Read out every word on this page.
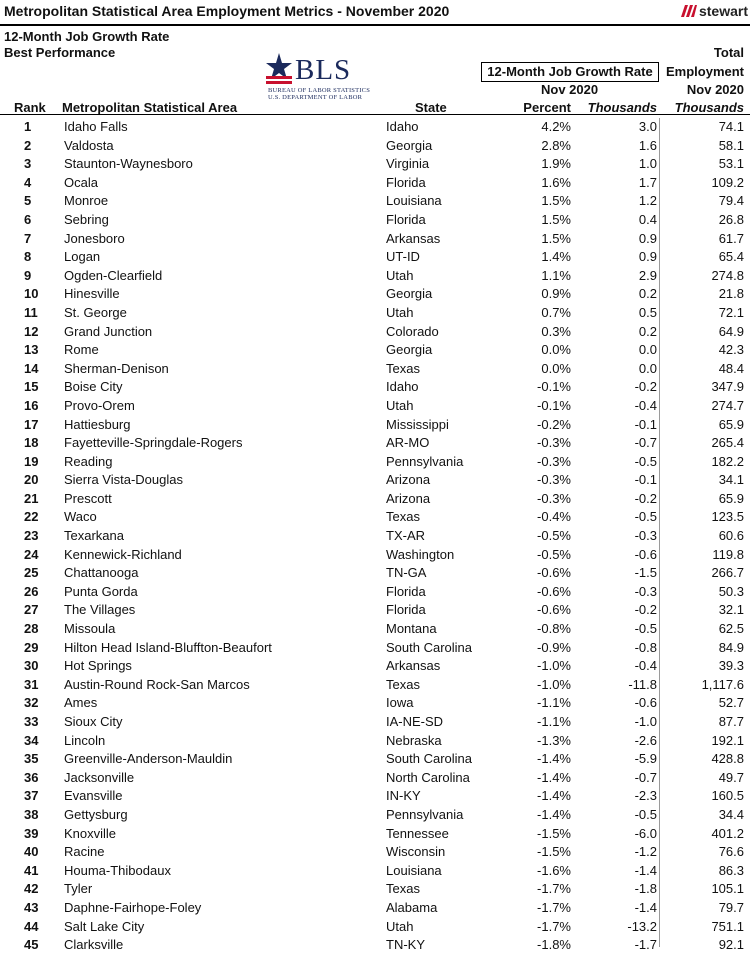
Metropolitan Statistical Area Employment Metrics - November 2020	stewart
12-Month Job Growth Rate
Best Performance
BLS
BUREAU OF LABOR STATISTICS
U.S. DEPARTMENT OF LABOR
Total
Employment
Nov 2020
Thousands
12-Month Job Growth Rate
Nov 2020
Rank Metropolitan Statistical Area	State	Percent Thousands
1	Idaho Falls	Idaho	4.2%	3.0	74.1
2	Valdosta	Georgia	2.8%	1.6	58.1
3	Staunton-Waynesboro	Virginia	1.9%	1.0	53.1
4	Ocala	Florida	1.6%	1.7	109.2
5	Monroe	Louisiana	1.5%	1.2	79.4
6	Sebring	Florida	1.5%	0.4	26.8
7	Jonesboro	Arkansas	1.5%	0.9	61.7
8	Logan	UT-ID	1.4%	0.9	65.4
9	Ogden-Clearfield	Utah	1.1%	2.9	274.8
10 Hinesville	Georgia	0.9%	0.2	21.8
11 St. George	Utah	0.7%	0.5	72.1
12 Grand Junction	Colorado	0.3%	0.2	64.9
13 Rome	Georgia	0.0%	0.0	42.3
14 Sherman-Denison	Texas	0.0%	0.0	48.4
15 Boise City	Idaho	-0.1%	-0.2	347.9
16 Provo-Orem	Utah	-0.1%	-0.4	274.7
17 Hattiesburg	Mississippi	-0.2%	-0.1	65.9
18 Fayetteville-Springdale-Rogers	AR-MO	-0.3%	-0.7	265.4
19 Reading	Pennsylvania	-0.3%	-0.5	182.2
20 Sierra Vista-Douglas	Arizona	-0.3%	-0.1	34.1
21 Prescott	Arizona	-0.3%	-0.2	65.9
22 Waco	Texas	-0.4%	-0.5	123.5
23 Texarkana	TX-AR	-0.5%	-0.3	60.6
24 Kennewick-Richland	Washington	-0.5%	-0.6	119.8
25 Chattanooga	TN-GA	-0.6%	-1.5	266.7
26 Punta Gorda	Florida	-0.6%	-0.3	50.3
27 The Villages	Florida	-0.6%	-0.2	32.1
28 Missoula	Montana	-0.8%	-0.5	62.5
29 Hilton Head Island-Bluffton-Beaufort	South Carolina	-0.9%	-0.8	84.9
30 Hot Springs	Arkansas	-1.0%	-0.4	39.3
31 Austin-Round Rock-San Marcos	Texas	-1.0%	-11.8	1,117.6
32 Ames	Iowa	-1.1%	-0.6	52.7
33 Sioux City	IA-NE-SD	-1.1%	-1.0	87.7
34 Lincoln	Nebraska	-1.3%	-2.6	192.1
35 Greenville-Anderson-Mauldin	South Carolina	-1.4%	-5.9	428.8
36 Jacksonville	North Carolina	-1.4%	-0.7	49.7
37 Evansville	IN-KY	-1.4%	-2.3	160.5
38 Gettysburg	Pennsylvania	-1.4%	-0.5	34.4
39 Knoxville	Tennessee	-1.5%	-6.0	401.2
40 Racine	Wisconsin	-1.5%	-1.2	76.6
41 Houma-Thibodaux	Louisiana	-1.6%	-1.4	86.3
42 Tyler	Texas	-1.7%	-1.8	105.1
43 Daphne-Fairhope-Foley	Alabama	-1.7%	-1.4	79.7
44 Salt Lake City	Utah	-1.7%	-13.2	751.1
45 Clarksville	TN-KY	-1.8%	-1.7	92.1
